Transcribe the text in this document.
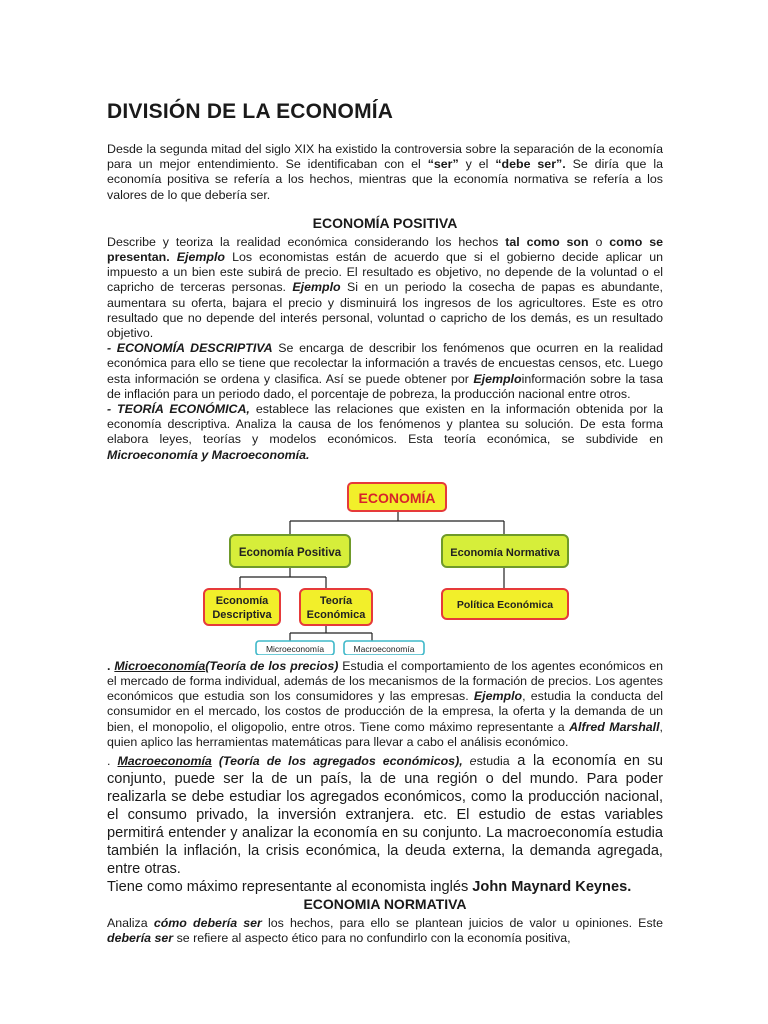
DIVISIÓN DE LA ECONOMÍA

Desde la segunda mitad del siglo XIX ha existido la controversia sobre la separación de la economía para un mejor entendimiento. Se identificaban con el “ser” y el “debe ser”. Se diría que la economía positiva se refería a los hechos, mientras que la economía normativa se refería a los valores de lo que debería ser.

ECONOMÍA POSITIVA

Describe y teoriza la realidad económica considerando los hechos tal como son o como se presentan. Ejemplo Los economistas están de acuerdo que si el gobierno decide aplicar un impuesto a un bien este subirá de precio. El resultado es objetivo, no depende de la voluntad o el capricho de terceras personas. Ejemplo Si en un periodo la cosecha de papas es abundante, aumentara su oferta, bajara el precio y disminuirá los ingresos de los agricultores. Este es otro resultado que no depende del interés personal, voluntad o capricho de los demás, es un resultado objetivo.

- ECONOMÍA DESCRIPTIVA Se encarga de describir los fenómenos que ocurren en la realidad económica para ello se tiene que recolectar la información a través de encuestas censos, etc. Luego esta información se ordena y clasifica. Así se puede obtener por Ejemploinformación sobre la tasa de inflación para un periodo dado, el porcentaje de pobreza, la producción nacional entre otros.

- TEORÍA ECONÓMICA, establece las relaciones que existen en la información obtenida por la economía descriptiva. Analiza la causa de los fenómenos y plantea su solución. De esta forma elabora leyes, teorías y modelos económicos. Esta teoría económica, se subdivide en Microeconomía y Macroeconomía.

ECONOMÍA
Economía Positiva	Economía Normativa
Economía
Descriptiva
Teoría
Económica
Política Económica
Microeconomía	Macroeconomía

. Microeconomía(Teoría de los precios) Estudia el comportamiento de los agentes económicos en el mercado de forma individual, además de los mecanismos de la formación de precios. Los agentes económicos que estudia son los consumidores y las empresas. Ejemplo, estudia la conducta del consumidor en el mercado, los costos de producción de la empresa, la oferta y la demanda de un bien, el monopolio, el oligopolio, entre otros. Tiene como máximo representante a Alfred Marshall, quien aplico las herramientas matemáticas para llevar a cabo el análisis económico.

. Macroeconomía (Teoría de los agregados económicos), estudia a la economía en su conjunto, puede ser la de un país, la de una región o del mundo. Para poder realizarla se debe estudiar los agregados económicos, como la producción nacional, el consumo privado, la inversión extranjera. etc. El estudio de estas variables permitirá entender y analizar la economía en su conjunto. La macroeconomía estudia también la inflación, la crisis económica, la deuda externa, la demanda agregada, entre otras.

Tiene como máximo representante al economista inglés John Maynard Keynes.

ECONOMIA NORMATIVA

Analiza cómo debería ser los hechos, para ello se plantean juicios de valor u opiniones. Este debería ser se refiere al aspecto ético para no confundirlo con la economía positiva,
